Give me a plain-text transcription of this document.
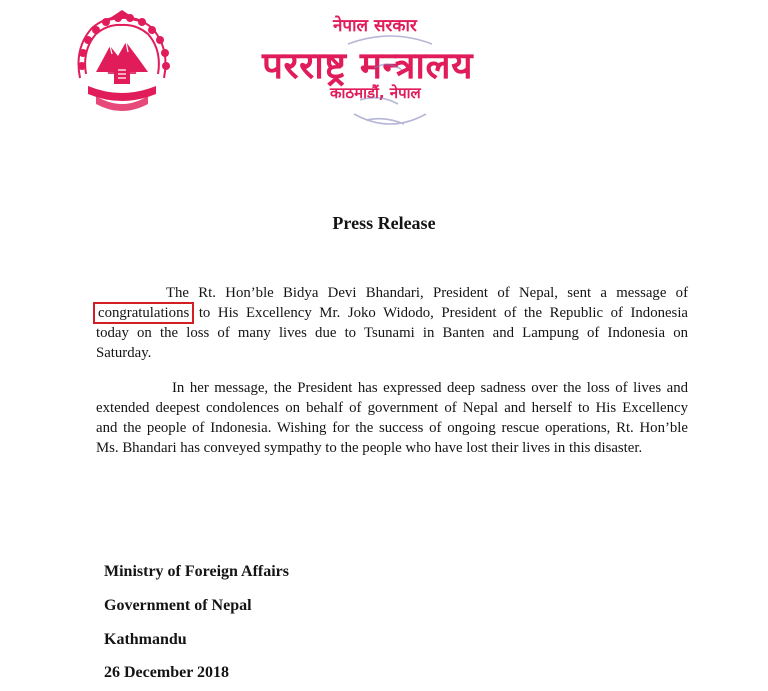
नेपाल सरकार
परराष्ट्र मन्त्रालय
काठमाडौं, नेपाल
Press Release
The Rt. Hon’ble Bidya Devi Bhandari, President of Nepal, sent a message of
congratulations to His Excellency Mr. Joko Widodo, President of the Republic of Indonesia
today on the loss of many lives due to Tsunami in Banten and Lampung of Indonesia on
Saturday.
In her message, the President has expressed deep sadness over the loss of lives and
extended deepest condolences on behalf of government of Nepal and herself to His Excellency
and the people of Indonesia. Wishing for the success of ongoing rescue operations, Rt. Hon’ble
Ms. Bhandari has conveyed sympathy to the people who have lost their lives in this disaster.
Ministry of Foreign Affairs
Government of Nepal
Kathmandu
26 December 2018
